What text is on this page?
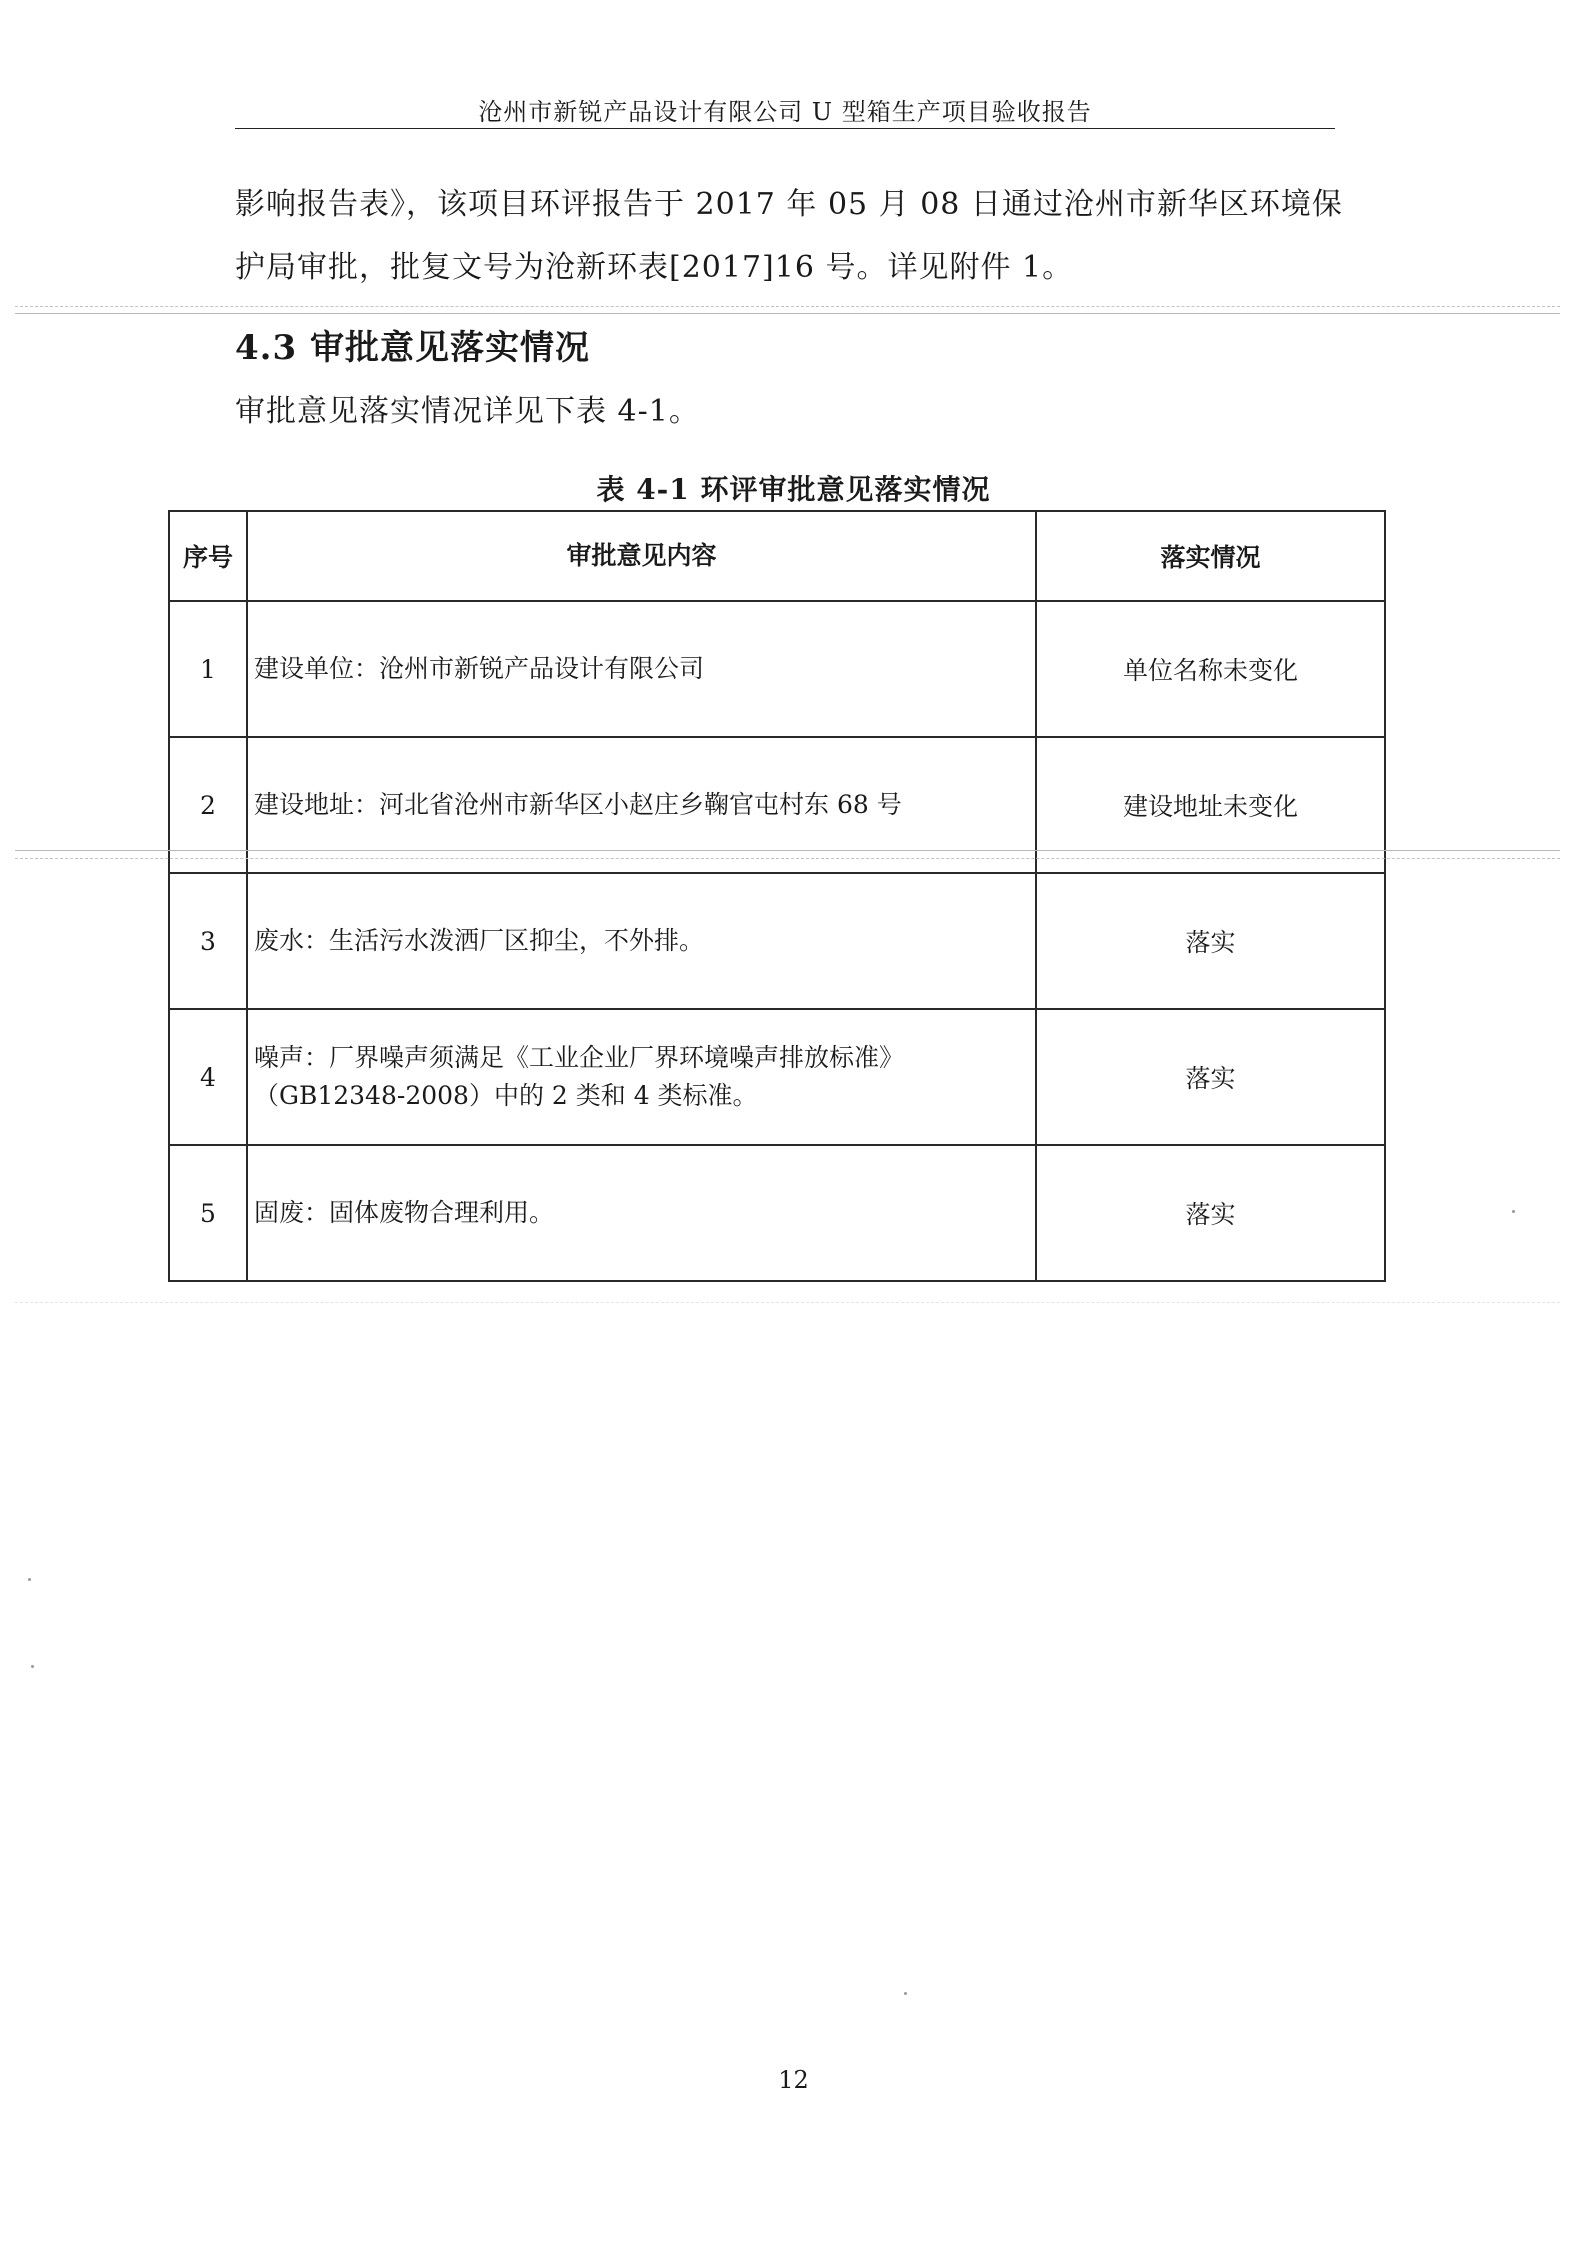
沧州市新锐产品设计有限公司 U 型箱生产项目验收报告
影响报告表》，该项目环评报告于 2017 年 05 月 08 日通过沧州市新华区环境保
护局审批，批复文号为沧新环表[2017]16 号。详见附件 1。
4.3 审批意见落实情况
审批意见落实情况详见下表 4-1。
表 4-1 环评审批意见落实情况
序号	审批意见内容	落实情况
1	建设单位：沧州市新锐产品设计有限公司	单位名称未变化
2	建设地址：河北省沧州市新华区小赵庄乡鞠官屯村东 68 号	建设地址未变化
3	废水：生活污水泼洒厂区抑尘，不外排。	落实
4	噪声：厂界噪声须满足《工业企业厂界环境噪声排放标准》（GB12348-2008）中的 2 类和 4 类标准。	落实
5	固废：固体废物合理利用。	落实
12
